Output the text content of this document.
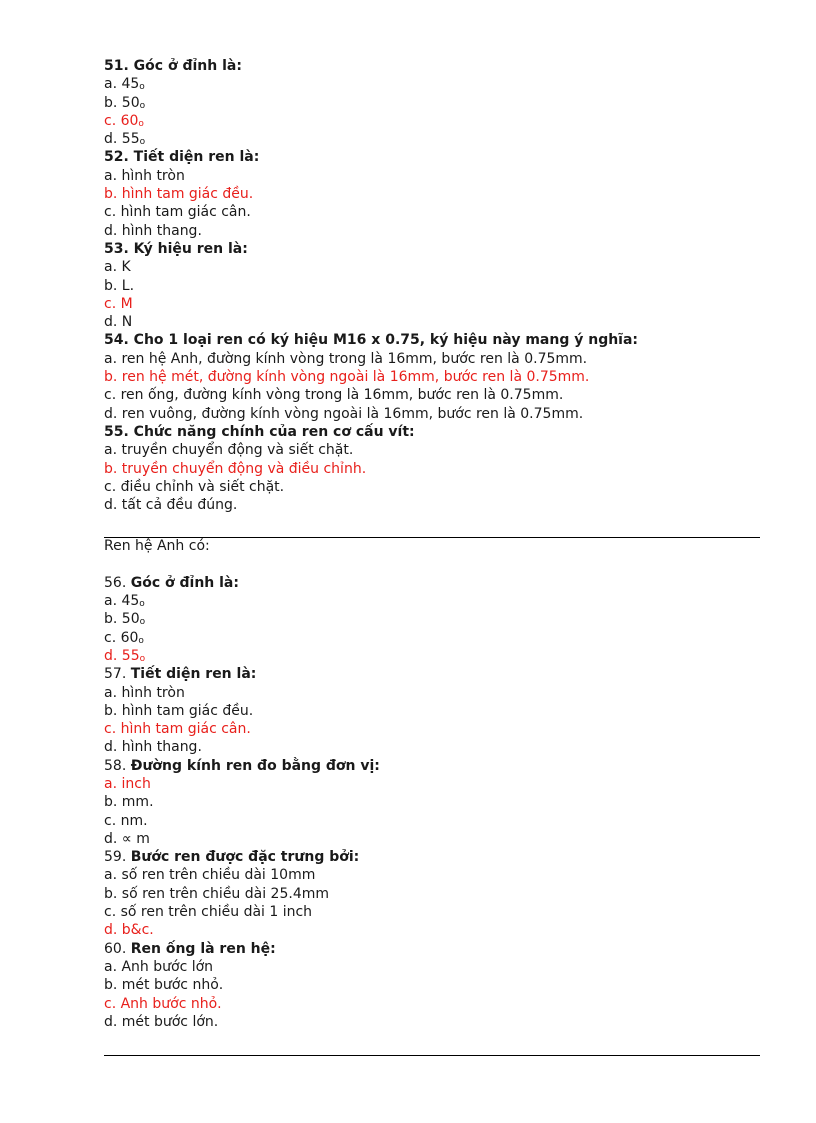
51. Góc ở đỉnh là:
a. 45o
b. 50o
c. 60o
d. 55o
52. Tiết diện ren là:
a. hình tròn
b. hình tam giác đều.
c. hình tam giác cân.
d. hình thang.
53. Ký hiệu ren là:
a. K
b. L.
c. M
d. N
54. Cho 1 loại ren có ký hiệu M16 x 0.75, ký hiệu này mang ý nghĩa:
a. ren hệ Anh, đường kính vòng trong là 16mm, bước ren là 0.75mm.
b. ren hệ mét, đường kính vòng ngoài là 16mm, bước ren là 0.75mm.
c. ren ống, đường kính vòng trong là 16mm, bước ren là 0.75mm.
d. ren vuông, đường kính vòng ngoài là 16mm, bước ren là 0.75mm.
55. Chức năng chính của ren cơ cấu vít:
a. truyền chuyển động và siết chặt.
b. truyền chuyển động và điều chỉnh.
c. điều chỉnh và siết chặt.
d. tất cả đều đúng.
Ren hệ Anh có:
56. Góc ở đỉnh là:
a. 45o
b. 50o
c. 60o
d. 55o
57. Tiết diện ren là:
a. hình tròn
b. hình tam giác đều.
c. hình tam giác cân.
d. hình thang.
58. Đường kính ren đo bằng đơn vị:
a. inch
b. mm.
c. nm.
d. ∝ m
59. Bước ren được đặc trưng bởi:
a. số ren trên chiều dài 10mm
b. số ren trên chiều dài 25.4mm
c. số ren trên chiều dài 1 inch
d. b&c.
60. Ren ống là ren hệ:
a. Anh bước lớn
b. mét bước nhỏ.
c. Anh bước nhỏ.
d. mét bước lớn.
